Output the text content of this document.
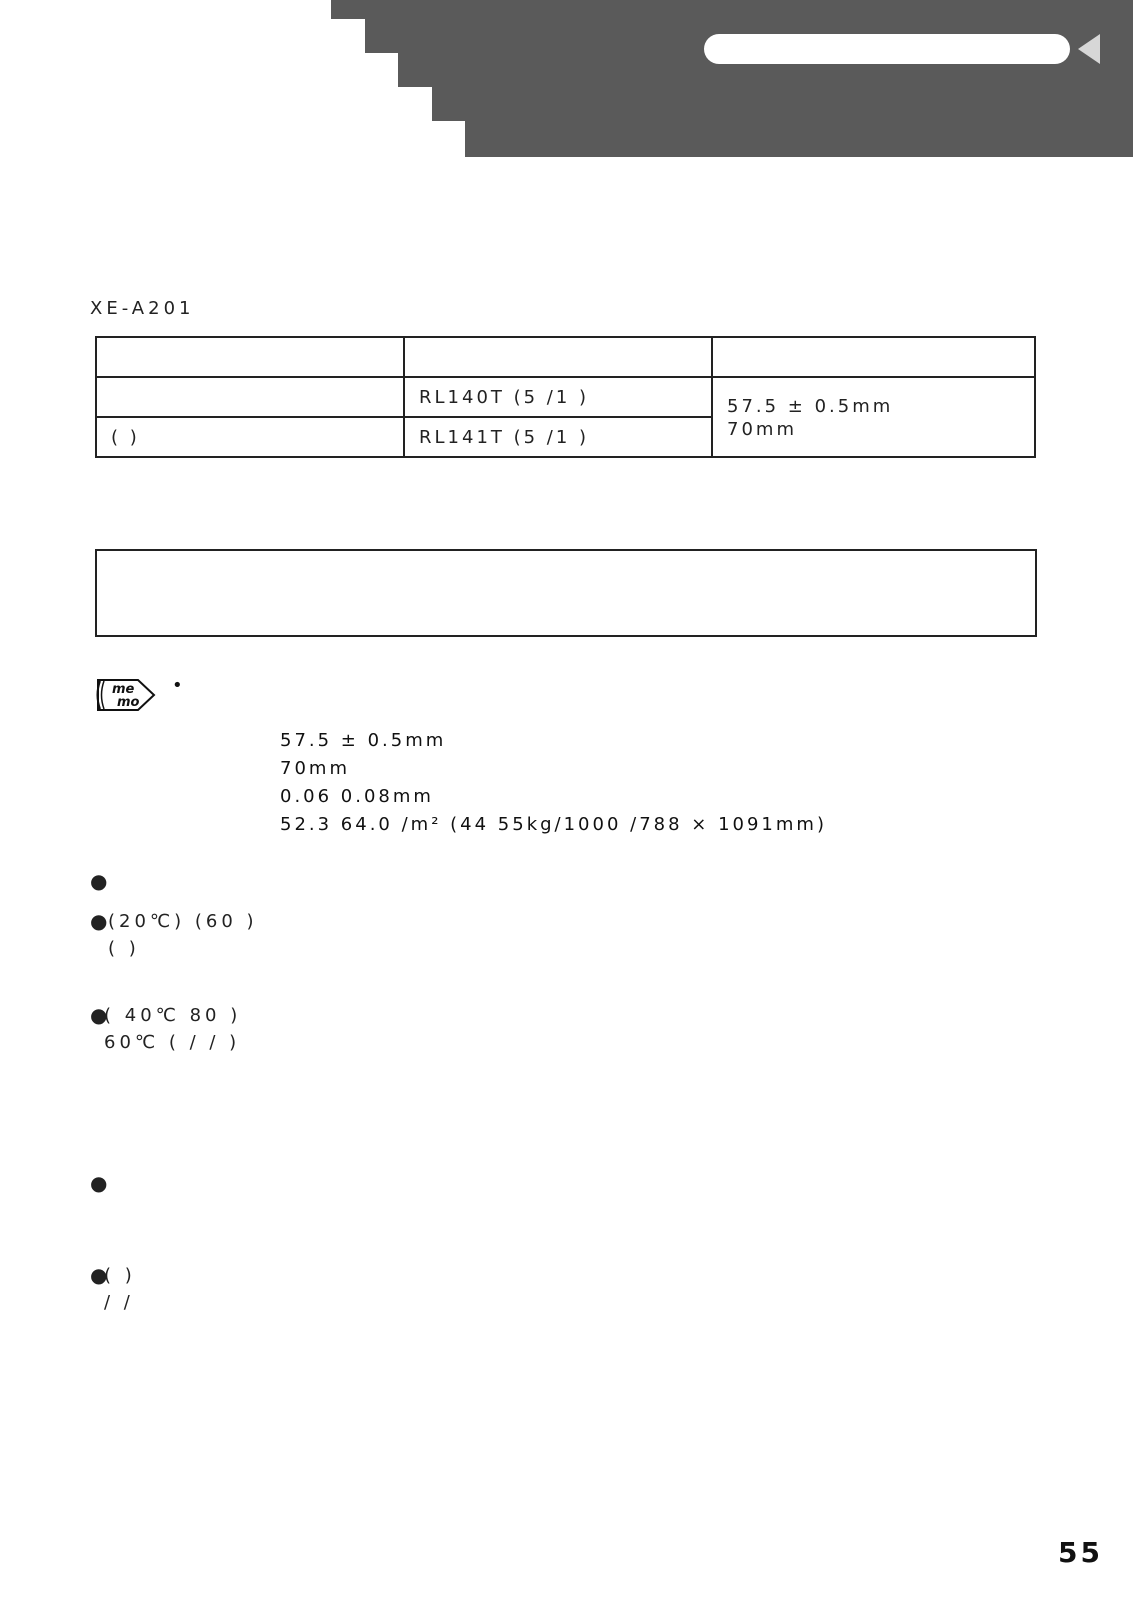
XE-A201

	RL140T (5 /1 )	57.5 ± 0.5mm
70mm

( )	RL141T (5 /1 )	
me
mo
•
57.5 ± 0.5mm
70mm
0.06 0.08mm
52.3 64.0 /m² (44 55kg/1000 /788 × 1091mm)
●
● (20℃) (60 )
( )
●
( 40℃ 80 )
60℃ ( / / )
●
●
( )
/ /
55
